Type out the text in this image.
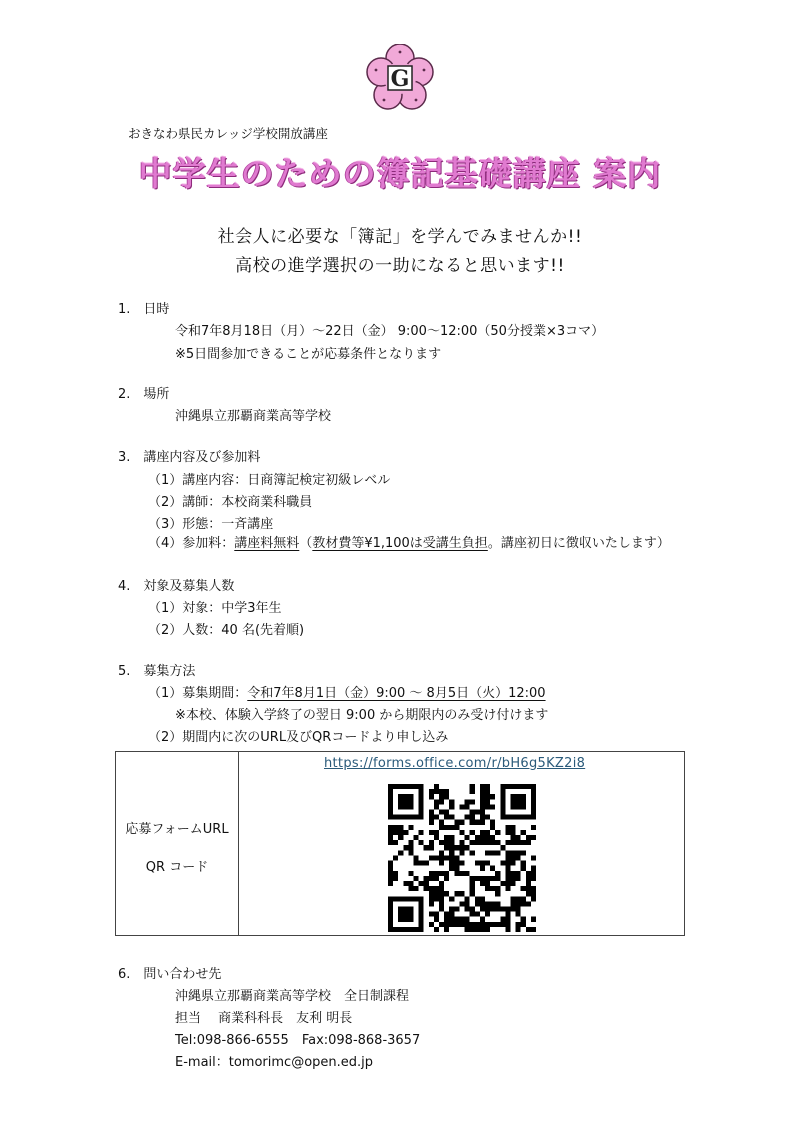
G
おきなわ県民カレッジ学校開放講座
中学生のための簿記基礎講座 案内
社会人に必要な「簿記」を学んでみませんか!!
高校の進学選択の一助になると思います!!
1.　日時
令和7年8月18日（月）～22日（金） 9:00～12:00（50分授業×3コマ）
※5日間参加できることが応募条件となります
2.　場所
沖縄県立那覇商業高等学校
3.　講座内容及び参加料
（1）講座内容：日商簿記検定初級レベル
（2）講師：本校商業科職員
（3）形態：一斉講座
（4）参加料：講座料無料（教材費等¥1,100は受講生負担。講座初日に徴収いたします）
4.　対象及募集人数
（1）対象：中学3年生
（2）人数：40 名(先着順)
5.　募集方法
（1）募集期間：令和7年8月1日（金）9:00 ～ 8月5日（火）12:00
※本校、体験入学終了の翌日 9:00 から期限内のみ受け付けます
（2）期間内に次のURL及びQRコードより申し込み
応募フォームURL
QR コード
https://forms.office.com/r/bH6g5KZ2i8
6.　問い合わせ先
沖縄県立那覇商業高等学校　全日制課程
担当　 商業科科長　友利 明長
Tel:098-866-6555　Fax:098-868-3657
E-mail：tomorimc@open.ed.jp
